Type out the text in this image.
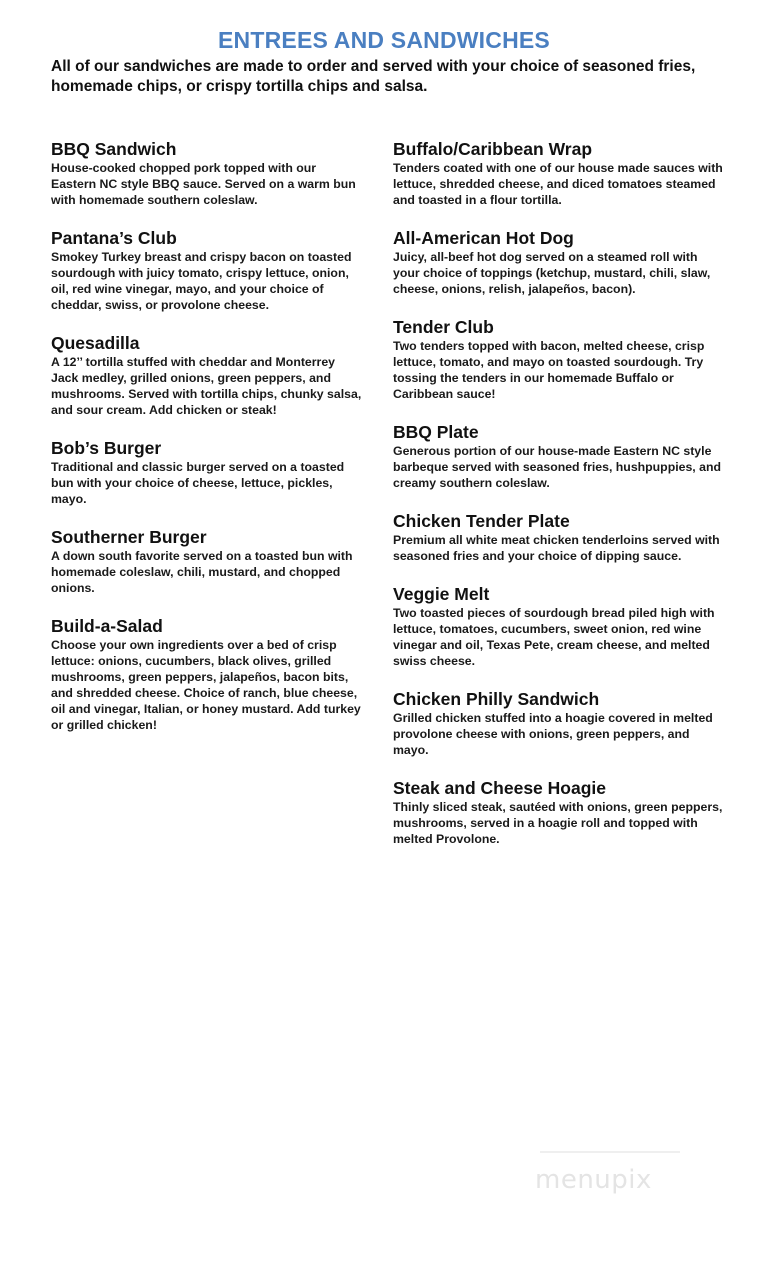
ENTREES AND SANDWICHES
All of our sandwiches are made to order and served with your choice of seasoned fries, homemade chips, or crispy tortilla chips and salsa.
BBQ Sandwich
House-cooked chopped pork topped with our Eastern NC style BBQ sauce. Served on a warm bun with homemade southern coleslaw.
Pantana’s Club
Smokey Turkey breast and crispy bacon on toasted sourdough with juicy tomato, crispy lettuce, onion, oil, red wine vinegar, mayo, and your choice of cheddar, swiss, or provolone cheese.
Quesadilla
A 12’’ tortilla stuffed with cheddar and Monterrey Jack medley, grilled onions, green peppers, and mushrooms. Served with tortilla chips, chunky salsa, and sour cream. Add chicken or steak!
Bob’s Burger
Traditional and classic burger served on a toasted bun with your choice of cheese, lettuce, pickles, mayo.
Southerner Burger
A down south favorite served on a toasted bun with homemade coleslaw, chili, mustard, and chopped onions.
Build-a-Salad
Choose your own ingredients over a bed of crisp lettuce: onions, cucumbers, black olives, grilled mushrooms, green peppers, jalapeños, bacon bits, and shredded cheese. Choice of ranch, blue cheese, oil and vinegar, Italian, or honey mustard. Add turkey or grilled chicken!
Buffalo/Caribbean Wrap
Tenders coated with one of our house made sauces with lettuce, shredded cheese, and diced tomatoes steamed and toasted in a flour tortilla.
All-American Hot Dog
Juicy, all-beef hot dog served on a steamed roll with your choice of toppings (ketchup, mustard, chili, slaw, cheese, onions, relish, jalapeños, bacon).
Tender Club
Two tenders topped with bacon, melted cheese, crisp lettuce, tomato, and mayo on toasted sourdough. Try tossing the tenders in our homemade Buffalo or Caribbean sauce!
BBQ Plate
Generous portion of our house-made Eastern NC style barbeque served with seasoned fries, hushpuppies, and creamy southern coleslaw.
Chicken Tender Plate
Premium all white meat chicken tenderloins served with seasoned fries and your choice of dipping sauce.
Veggie Melt
Two toasted pieces of sourdough bread piled high with lettuce, tomatoes, cucumbers, sweet onion, red wine vinegar and oil, Texas Pete, cream cheese, and melted swiss cheese.
Chicken Philly Sandwich
Grilled chicken stuffed into a hoagie covered in melted provolone cheese with onions, green peppers, and mayo.
Steak and Cheese Hoagie
Thinly sliced steak, sautéed with onions, green peppers, mushrooms, served in a hoagie roll and topped with melted Provolone.
menupix
